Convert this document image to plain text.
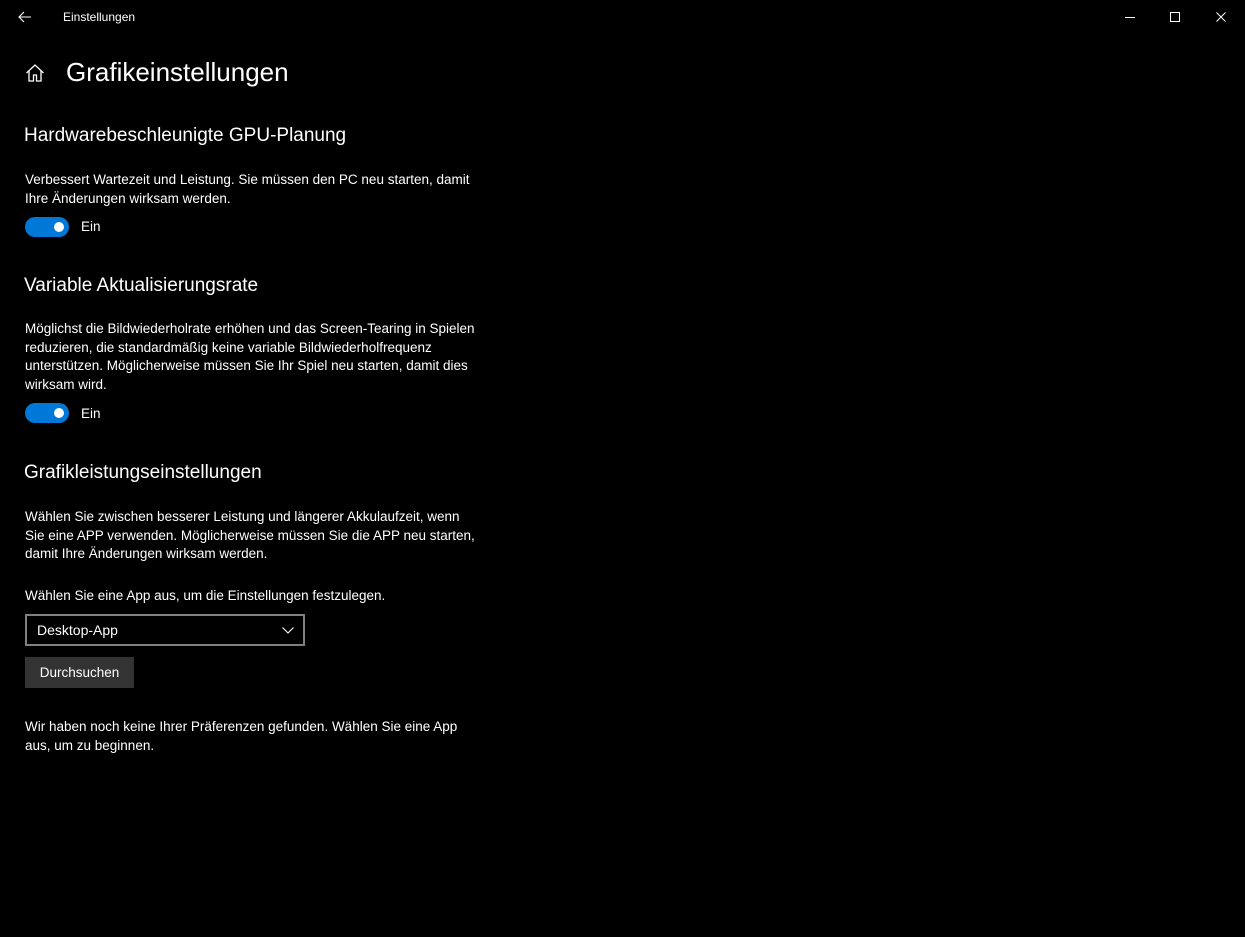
Einstellungen
Grafikeinstellungen
Hardwarebeschleunigte GPU-Planung

Verbessert Wartezeit und Leistung. Sie müssen den PC neu starten, damit Ihre Änderungen wirksam werden.

Ein
Variable Aktualisierungsrate

Möglichst die Bildwiederholrate erhöhen und das Screen-Tearing in Spielen reduzieren, die standardmäßig keine variable Bildwiederholfrequenz unterstützen. Möglicherweise müssen Sie Ihr Spiel neu starten, damit dies wirksam wird.

Ein
Grafikleistungseinstellungen

Wählen Sie zwischen besserer Leistung und längerer Akkulaufzeit, wenn Sie eine APP verwenden. Möglicherweise müssen Sie die APP neu starten, damit Ihre Änderungen wirksam werden.

Wählen Sie eine App aus, um die Einstellungen festzulegen.

Desktop-App
Durchsuchen

Wir haben noch keine Ihrer Präferenzen gefunden. Wählen Sie eine App aus, um zu beginnen.
